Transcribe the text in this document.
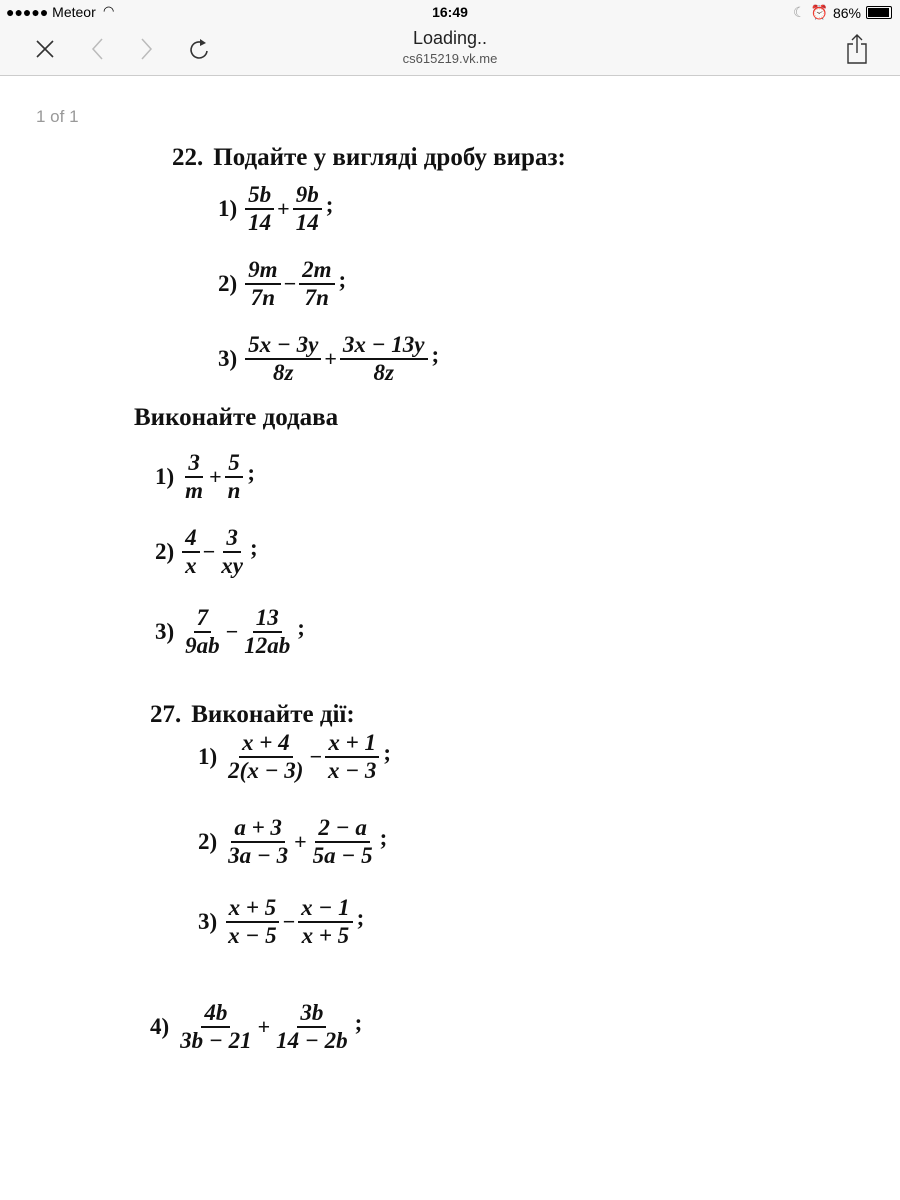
●●●●● Meteor ◠	16:49	☾ ⏰ 86%
Loading..
cs615219.vk.me
1 of 1
22. Подайте у вигляді дробу вираз:
$1) \frac{5b}{14} + \frac{9b}{14}$ ;
$2) \frac{9m}{7n} - \frac{2m}{7n}$ ;
$3) \frac{5x - 3y}{8z} + \frac{3x - 13y}{8z}$ ;
Виконайте додава
$1) \frac{3}{m} + \frac{5}{n}$ ;
$2) \frac{4}{x} - \frac{3}{xy}$ ;
$3) \frac{7}{9ab} - \frac{13}{12ab}$ ;
27. Виконайте дії:
$1) \frac{x + 4}{2(x - 3)} - \frac{x + 1}{x - 3}$ ;
$2) \frac{a + 3}{3a - 3} + \frac{2 - a}{5a - 5}$ ;
$3) \frac{x + 5}{x - 5} - \frac{x - 1}{x + 5}$ ;
$4) \frac{4b}{3b - 21} + \frac{3b}{14 - 2b}$ ;
